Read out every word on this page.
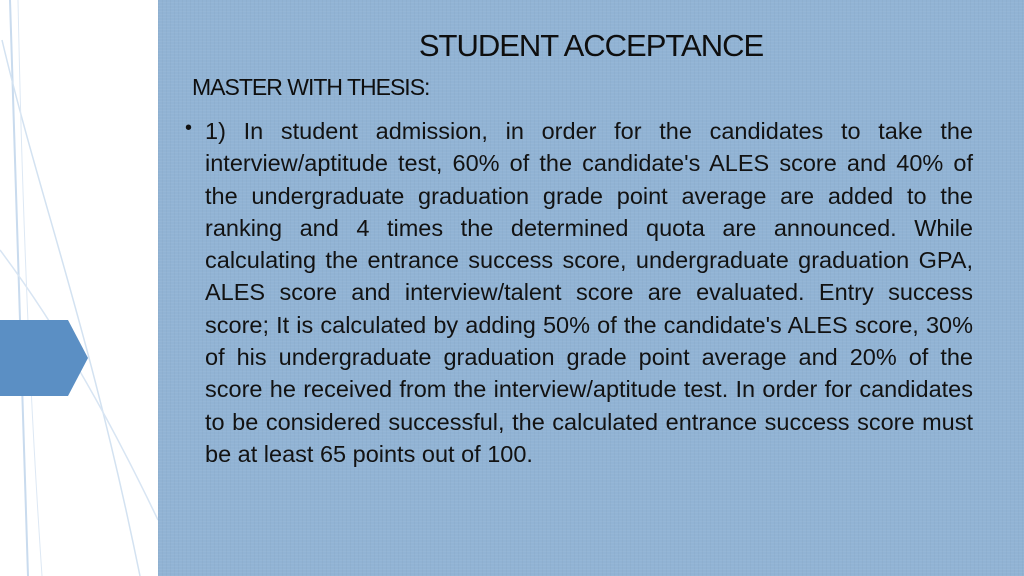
STUDENT ACCEPTANCE
MASTER WITH THESIS:
• 1) In student admission, in order for the candidates to take the interview/aptitude test, 60% of the candidate's ALES score and 40% of the undergraduate graduation grade point average are added to the ranking and 4 times the determined quota are announced. While calculating the entrance success score, undergraduate graduation GPA, ALES score and interview/talent score are evaluated. Entry success score; It is calculated by adding 50% of the candidate's ALES score, 30% of his undergraduate graduation grade point average and 20% of the score he received from the interview/aptitude test. In order for candidates to be considered successful, the calculated entrance success score must be at least 65 points out of 100.
